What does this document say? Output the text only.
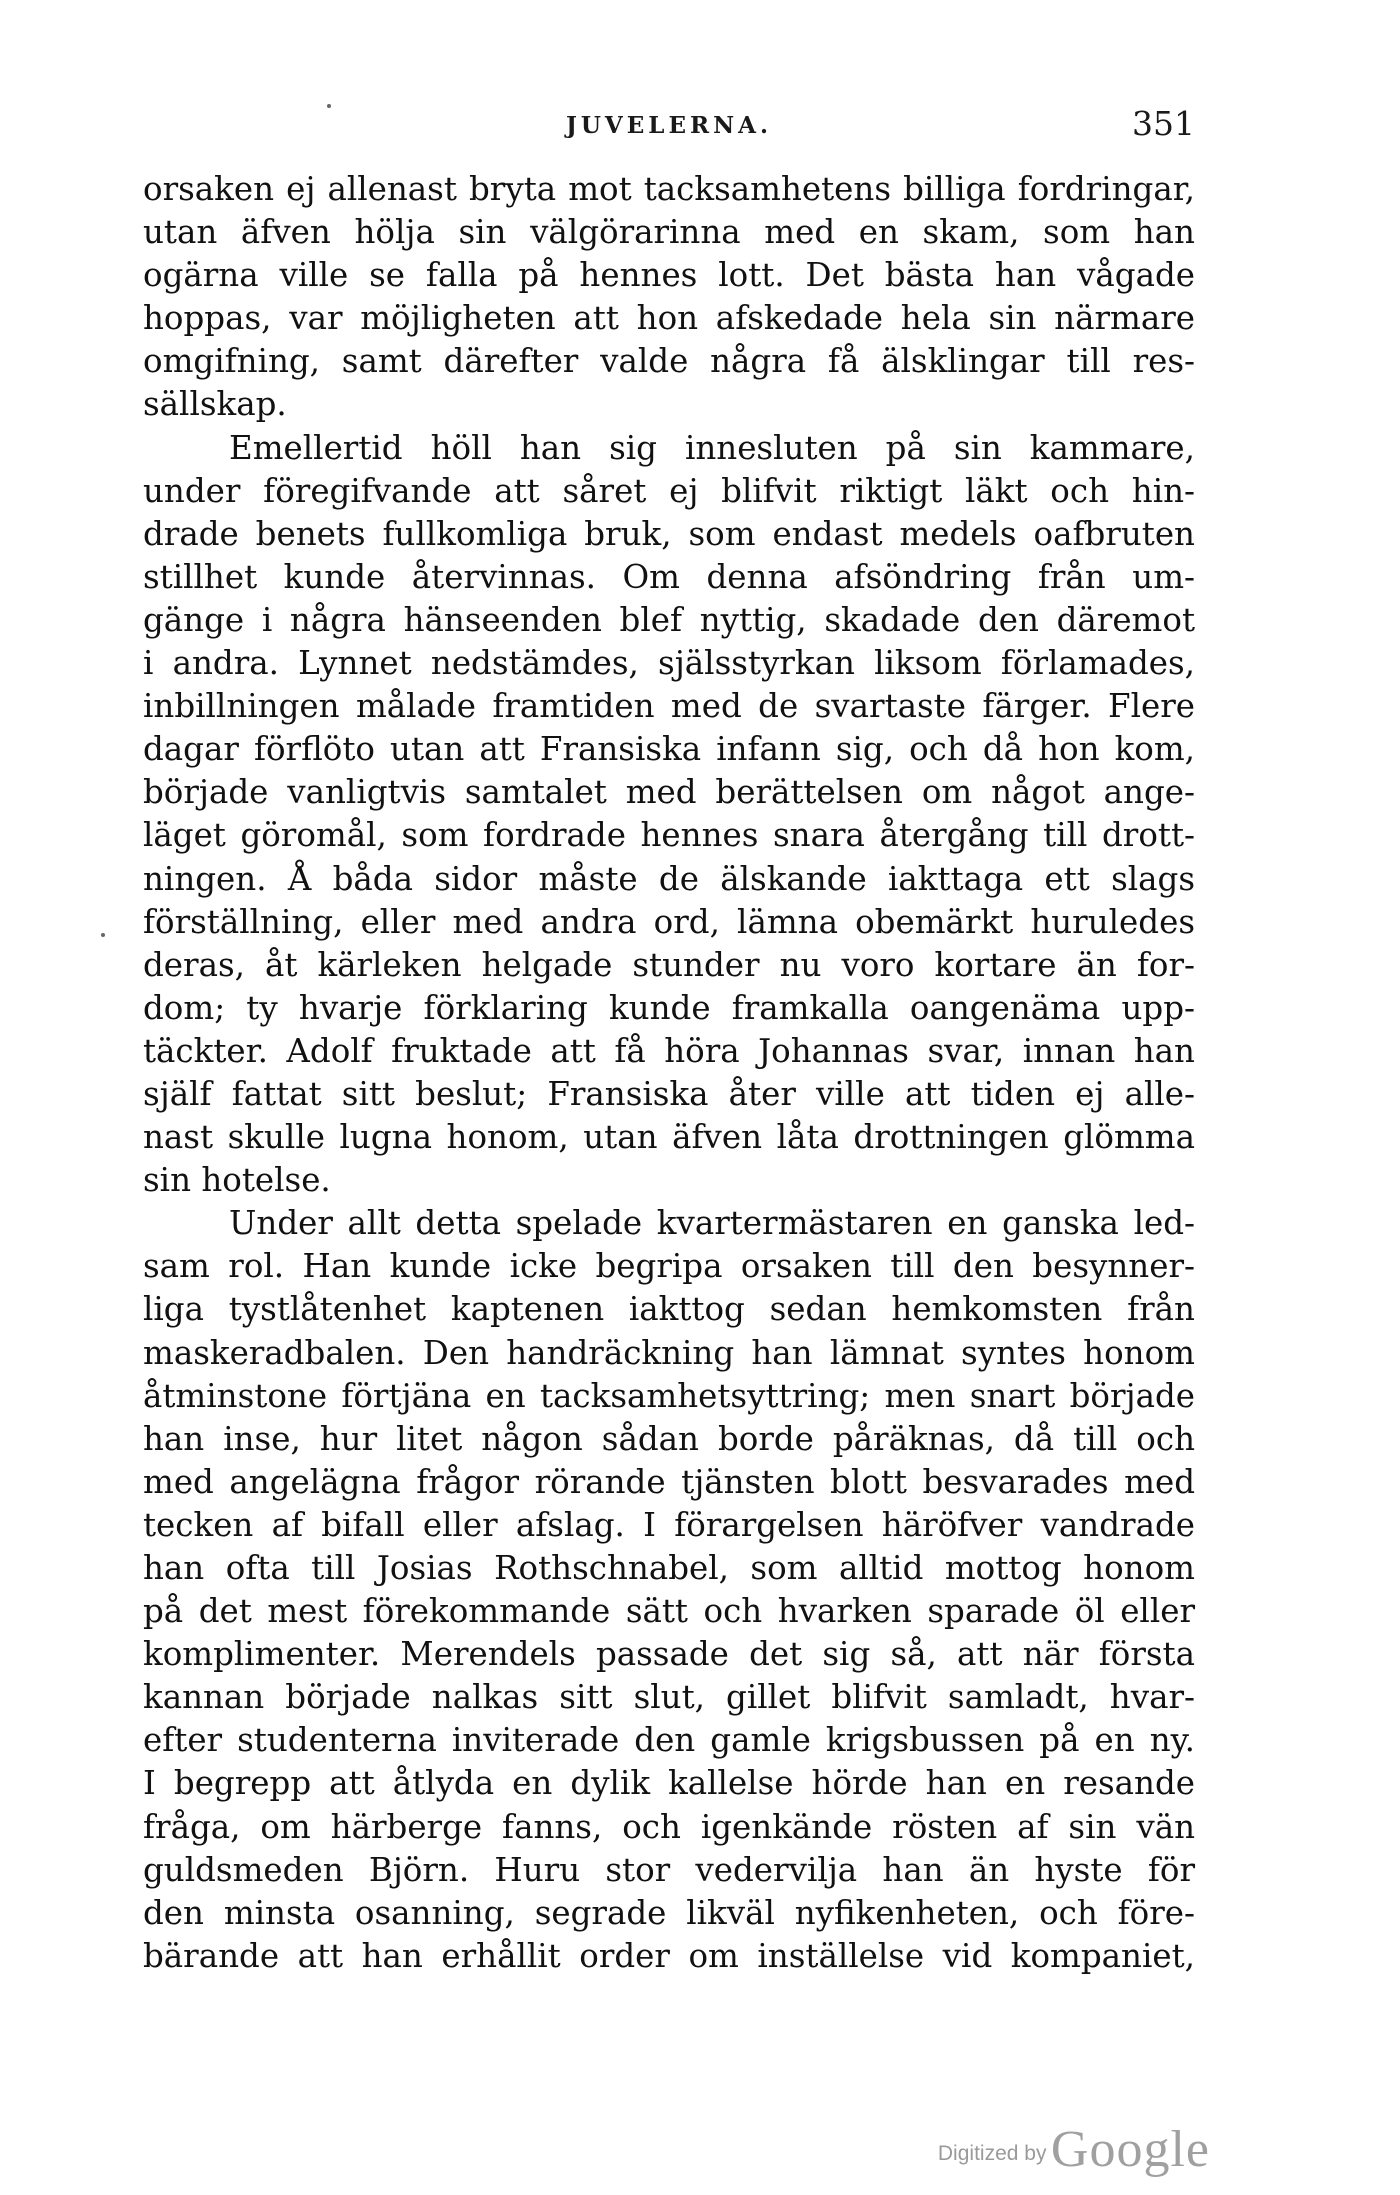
JUVELERNA.	351

orsaken ej allenast bryta mot tacksamhetens billiga fordringar,

utan äfven hölja sin välgörarinna med en skam, som han

ogärna ville se falla på hennes lott. Det bästa han vågade

hoppas, var möjligheten att hon afskedade hela sin närmare

omgifning, samt därefter valde några få älsklingar till res-

sällskap.

Emellertid höll han sig innesluten på sin kammare,

under föregifvande att såret ej blifvit riktigt läkt och hin-

drade benets fullkomliga bruk, som endast medels oafbruten

stillhet kunde återvinnas. Om denna afsöndring från um-

gänge i några hänseenden blef nyttig, skadade den däremot

i andra. Lynnet nedstämdes, själsstyrkan liksom förlamades,

inbillningen målade framtiden med de svartaste färger. Flere

dagar förflöto utan att Fransiska infann sig, och då hon kom,

började vanligtvis samtalet med berättelsen om något ange-

läget göromål, som fordrade hennes snara återgång till drott-

ningen. Å båda sidor måste de älskande iakttaga ett slags

förställning, eller med andra ord, lämna obemärkt huruledes

deras, åt kärleken helgade stunder nu voro kortare än for-

dom; ty hvarje förklaring kunde framkalla oangenäma upp-

täckter. Adolf fruktade att få höra Johannas svar, innan han

själf fattat sitt beslut; Fransiska åter ville att tiden ej alle-

nast skulle lugna honom, utan äfven låta drottningen glömma

sin hotelse.

Under allt detta spelade kvartermästaren en ganska led-

sam rol. Han kunde icke begripa orsaken till den besynner-

liga tystlåtenhet kaptenen iakttog sedan hemkomsten från

maskeradbalen. Den handräckning han lämnat syntes honom

åtminstone förtjäna en tacksamhetsyttring; men snart började

han inse, hur litet någon sådan borde påräknas, då till och

med angelägna frågor rörande tjänsten blott besvarades med

tecken af bifall eller afslag. I förargelsen häröfver vandrade

han ofta till Josias Rothschnabel, som alltid mottog honom

på det mest förekommande sätt och hvarken sparade öl eller

komplimenter. Merendels passade det sig så, att när första

kannan började nalkas sitt slut, gillet blifvit samladt, hvar-

efter studenterna inviterade den gamle krigsbussen på en ny.

I begrepp att åtlyda en dylik kallelse hörde han en resande

fråga, om härberge fanns, och igenkände rösten af sin vän

guldsmeden Björn. Huru stor vedervilja han än hyste för

den minsta osanning, segrade likväl nyfikenheten, och före-

bärande att han erhållit order om inställelse vid kompaniet,

Digitized by Google
